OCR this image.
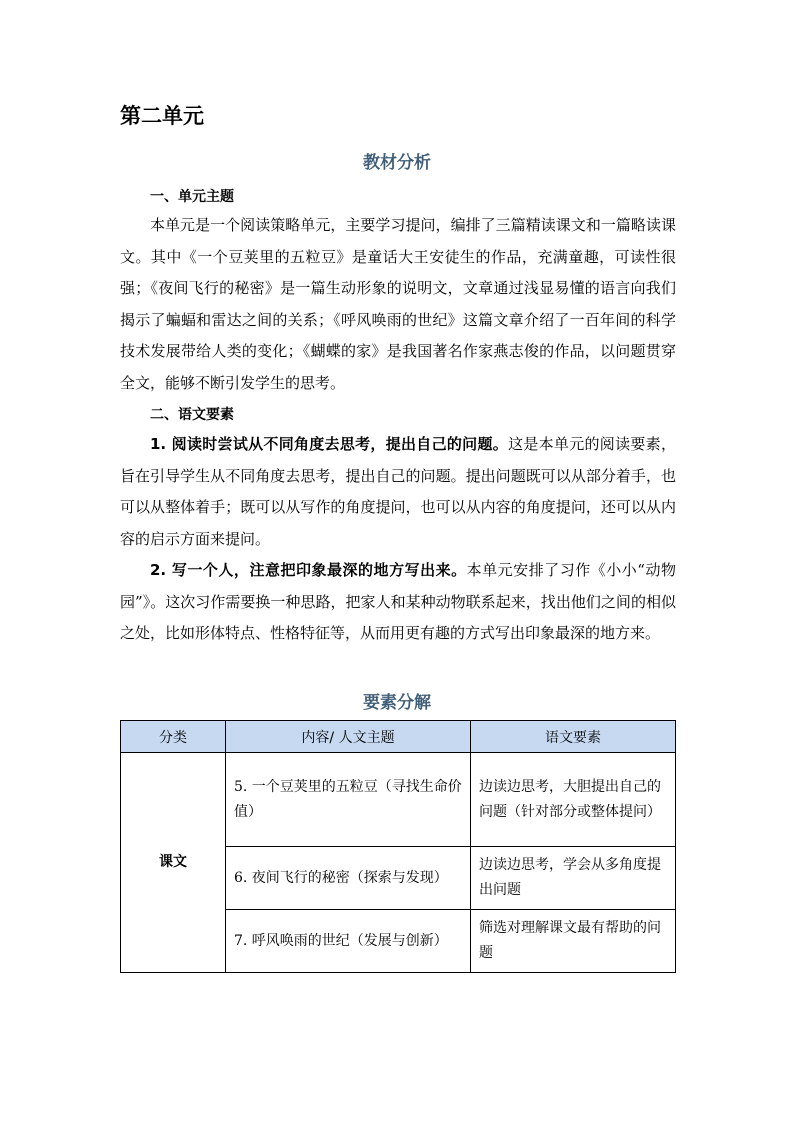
第二单元
教材分析
一、单元主题

本单元是一个阅读策略单元，主要学习提问，编排了三篇精读课文和一篇略读课文。其中《一个豆荚里的五粒豆》是童话大王安徒生的作品，充满童趣，可读性很强；《夜间飞行的秘密》是一篇生动形象的说明文，文章通过浅显易懂的语言向我们揭示了蝙蝠和雷达之间的关系；《呼风唤雨的世纪》这篇文章介绍了一百年间的科学技术发展带给人类的变化；《蝴蝶的家》是我国著名作家燕志俊的作品，以问题贯穿全文，能够不断引发学生的思考。

二、语文要素

1. 阅读时尝试从不同角度去思考，提出自己的问题。这是本单元的阅读要素，旨在引导学生从不同角度去思考，提出自己的问题。提出问题既可以从部分着手，也可以从整体着手；既可以从写作的角度提问，也可以从内容的角度提问，还可以从内容的启示方面来提问。

2. 写一个人，注意把印象最深的地方写出来。本单元安排了习作《小小“动物园”》。这次习作需要换一种思路，把家人和某种动物联系起来，找出他们之间的相似之处，比如形体特点、性格特征等，从而用更有趣的方式写出印象最深的地方来。

要素分解
分类	内容/ 人文主题	语文要素
课文	5. 一个豆荚里的五粒豆（寻找生命价值）	边读边思考，大胆提出自己的问题（针对部分或整体提问）
	6. 夜间飞行的秘密（探索与发现）	边读边思考，学会从多角度提出问题
	7. 呼风唤雨的世纪（发展与创新）	筛选对理解课文最有帮助的问题
